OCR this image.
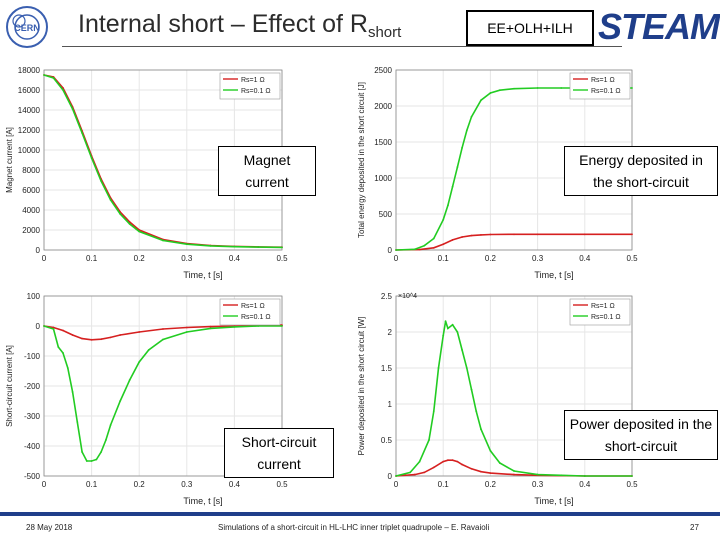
CERN Internal short – Effect of $R_{short}$	EE+OLH+ILH STEAM
0
2000
4000
6000
8000
10000
12000
14000
16000
18000
0	0.1	0.2	0.3	0.4	0.5
Time, t [s]
Magnet current [A]
Rs=1 Ω
Rs=0.1 Ω
0
500
1000
1500
2000
2500
0	0.1	0.2	0.3	0.4	0.5
Time, t [s]
Total energy deposited in the short circuit [J]
Rs=1 Ω
Rs=0.1 Ω
100
0
-100
-200
-300
-400
-500
0	0.1	0.2	0.3	0.4	0.5
Time, t [s]
Short-circuit current [A]
Rs=1 Ω
Rs=0.1 Ω
0
0.5
1
1.5
2
2.5
0	0.1	0.2	0.3	0.4	0.5
×10^4
Time, t [s]
Power deposited in the short circuit [W]
Rs=1 Ω
Rs=0.1 Ω
Magnet current
Energy deposited in the short-circuit
Short-circuit current
Power deposited in the short-circuit
28 May 2018	Simulations of a short-circuit in HL-LHC inner triplet quadrupole – E. Ravaioli	27
